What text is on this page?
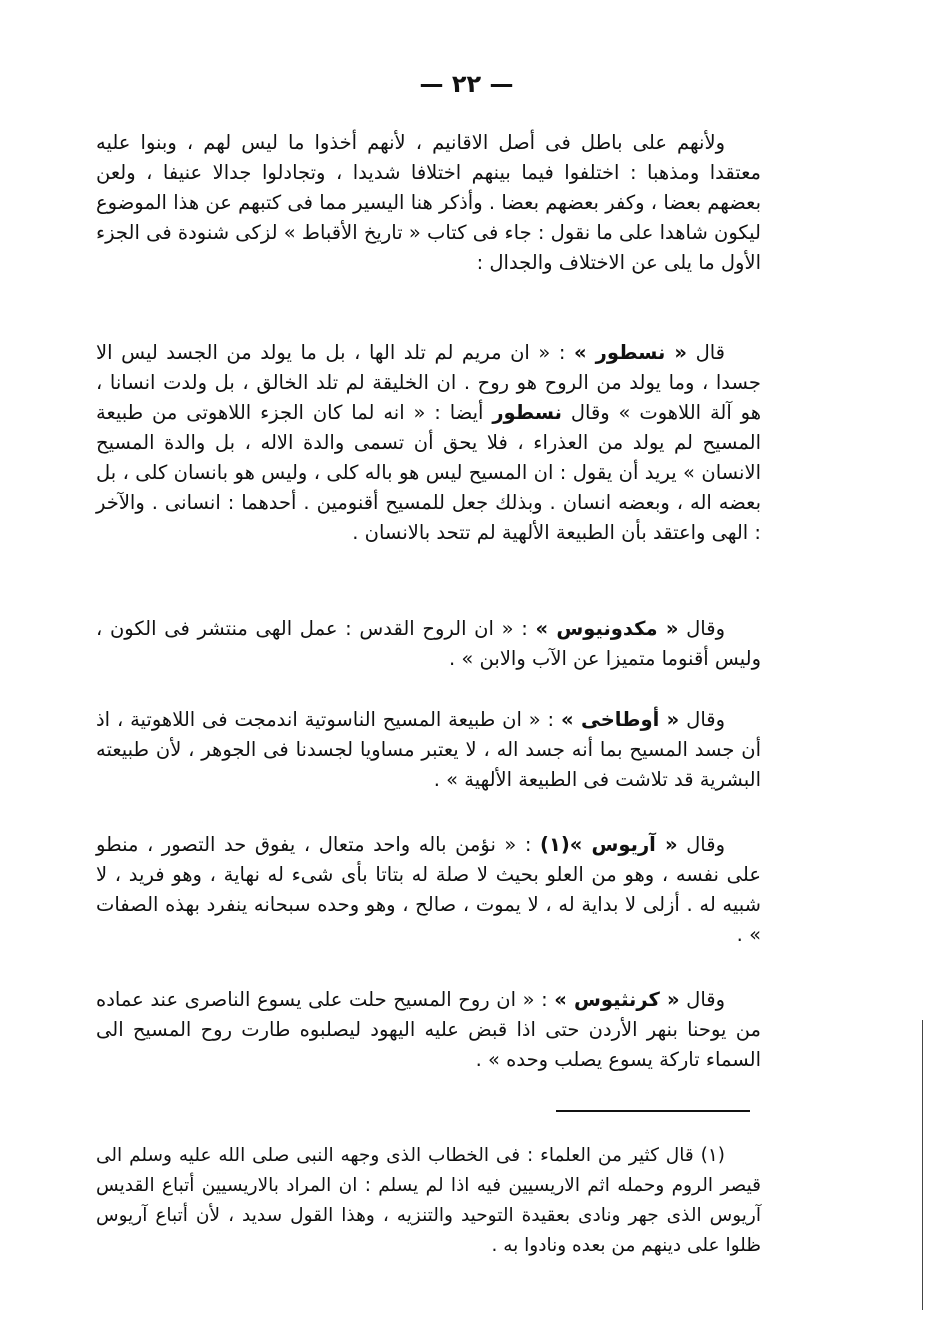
— ٢٢ —

ولأنهم على باطل فى أصل الاقانيم ، لأنهم أخذوا ما ليس لهم ، وبنوا عليه معتقدا ومذهبا : اختلفوا فيما بينهم اختلافا شديدا ، وتجادلوا جدالا عنيفا ، ولعن بعضهم بعضا ، وكفر بعضهم بعضا . وأذكر هنا اليسير مما فى كتبهم عن هذا الموضوع ليكون شاهدا على ما نقول : جاء فى كتاب « تاريخ الأقباط » لزكى شنودة فى الجزء الأول ما يلى عن الاختلاف والجدال :

قال « نسطور » : « ان مريم لم تلد الها ، بل ما يولد من الجسد ليس الا جسدا ، وما يولد من الروح هو روح . ان الخليقة لم تلد الخالق ، بل ولدت انسانا ، هو آلة اللاهوت » وقال نسطور أيضا : « انه لما كان الجزء اللاهوتى من طبيعة المسيح لم يولد من العذراء ، فلا يحق أن تسمى والدة الاله ، بل والدة المسيح الانسان » يريد أن يقول : ان المسيح ليس هو باله كلى ، وليس هو بانسان كلى ، بل بعضه اله ، وبعضه انسان . وبذلك جعل للمسيح أقنومين . أحدهما : انسانى . والآخر : الهى واعتقد بأن الطبيعة الألهية لم تتحد بالانسان .

وقال « مكدونيوس » : « ان الروح القدس : عمل الهى منتشر فى الكون ، وليس أقنوما متميزا عن الآب والابن » .

وقال « أوطاخى » : « ان طبيعة المسيح الناسوتية اندمجت فى اللاهوتية ، اذ أن جسد المسيح بما أنه جسد اله ، لا يعتبر مساويا لجسدنا فى الجوهر ، لأن طبيعته البشرية قد تلاشت فى الطبيعة الألهية » .

وقال « آريوس »(١) : « نؤمن باله واحد متعال ، يفوق حد التصور ، منطو على نفسه ، وهو من العلو بحيث لا صلة له بتاتا بأى شىء له نهاية ، وهو فريد ، لا شبيه له . أزلى لا بداية له ، لا يموت ، صالح ، وهو وحده سبحانه ينفرد بهذه الصفات » .

وقال « كرنثيوس » : « ان روح المسيح حلت على يسوع الناصرى عند عماده من يوحنا بنهر الأردن حتى اذا قبض عليه اليهود ليصلبوه طارت روح المسيح الى السماء تاركة يسوع يصلب وحده » .

(١) قال كثير من العلماء : فى الخطاب الذى وجهه النبى صلى الله عليه وسلم الى قيصر الروم وحمله اثم الاريسيين فيه اذا لم يسلم : ان المراد بالاريسيين أتباع القديس آريوس الذى جهر ونادى بعقيدة التوحيد والتنزيه ، وهذا القول سديد ، لأن أتباع آريوس ظلوا على دينهم من بعده ونادوا به .
